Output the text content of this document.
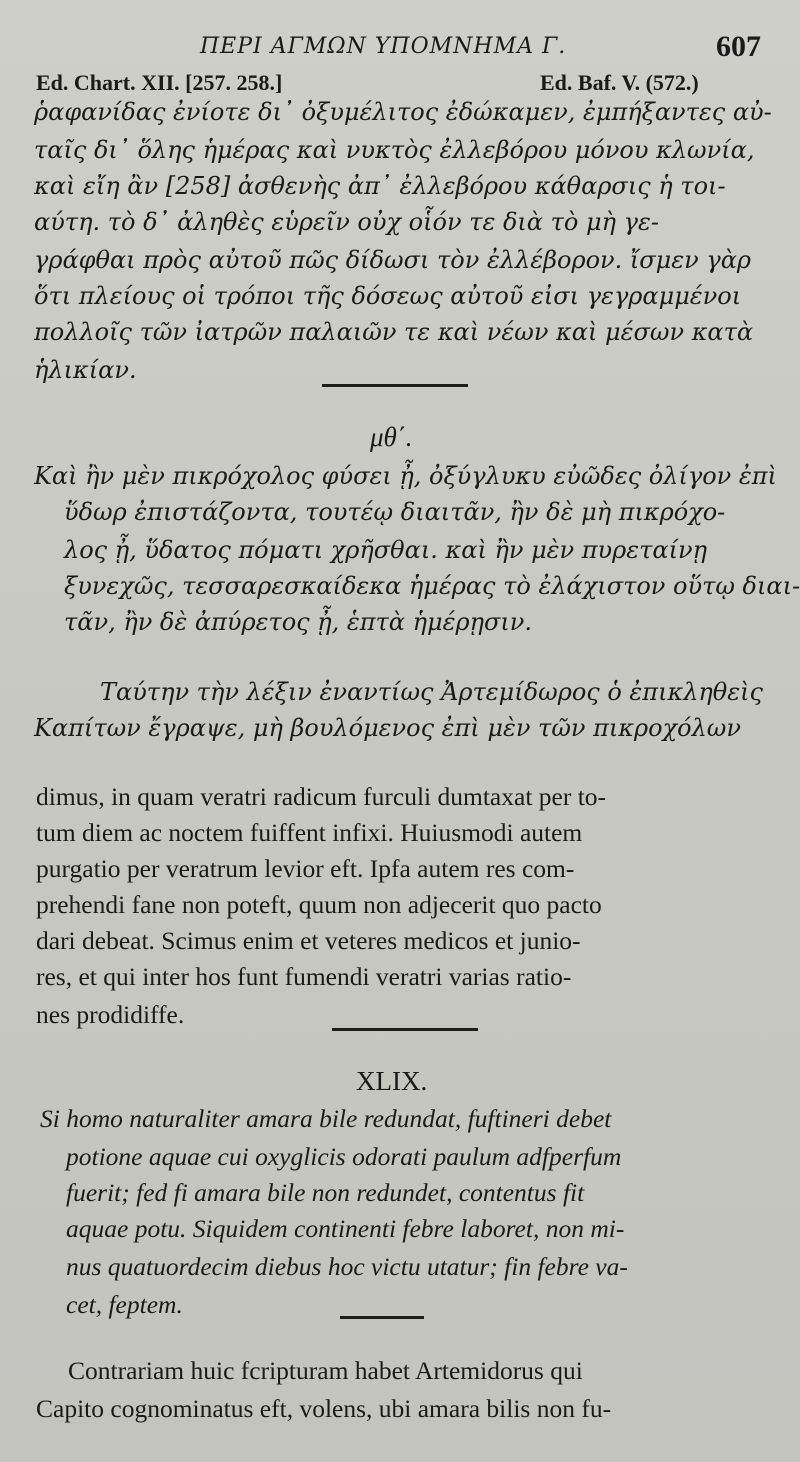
ΠΕΡΙ ΑΓΜΩΝ ΥΠΟΜΝΗΜΑ Γ.	607
Ed. Chart. XII. [257. 258.]	Ed. Baf. V. (572.)
ῥαφανίδας ἐνίοτε δι᾽ ὀξυμέλιτος ἐδώκαμεν, ἐμπήξαντες αὐ-
ταῖς δι᾽ ὅλης ἡμέρας καὶ νυκτὸς ἐλλεβόρου μόνου κλωνία,
καὶ εἴη ἂν [258] ἀσθενὴς ἀπ᾽ ἐλλεβόρου κάθαρσις ἡ τοι-
αύτη. τὸ δ᾽ ἀληθὲς εὑρεῖν οὐχ οἷόν τε διὰ τὸ μὴ γε-
γράφθαι πρὸς αὐτοῦ πῶς δίδωσι τὸν ἐλλέβορον. ἴσμεν γὰρ
ὅτι πλείους οἱ τρόποι τῆς δόσεως αὐτοῦ εἰσι γεγραμμένοι
πολλοῖς τῶν ἰατρῶν παλαιῶν τε καὶ νέων καὶ μέσων κατὰ
ἡλικίαν.
μθ΄.
Καὶ ἢν μὲν πικρόχολος φύσει ᾖ, ὀξύγλυκυ εὐῶδες ὀλίγον ἐπὶ
ὕδωρ ἐπιστάζοντα, τουτέῳ διαιτᾶν, ἢν δὲ μὴ πικρόχο-
λος ᾖ, ὕδατος πόματι χρῆσθαι. καὶ ἢν μὲν πυρεταίνῃ
ξυνεχῶς, τεσσαρεσκαίδεκα ἡμέρας τὸ ἐλάχιστον οὕτῳ διαι-
τᾶν, ἢν δὲ ἀπύρετος ᾖ, ἑπτὰ ἡμέρῃσιν.
Ταύτην τὴν λέξιν ἐναντίως Ἀρτεμίδωρος ὁ ἐπικληθεὶς
Καπίτων ἔγραψε, μὴ βουλόμενος ἐπὶ μὲν τῶν πικροχόλων
dimus, in quam veratri radicum furculi dumtaxat per to-
tum diem ac noctem fuiffent infixi. Huiusmodi autem
purgatio per veratrum levior eft. Ipfa autem res com-
prehendi fane non poteft, quum non adjecerit quo pacto
dari debeat. Scimus enim et veteres medicos et junio-
res, et qui inter hos funt fumendi veratri varias ratio-
nes prodidiffe.
XLIX.
Si homo naturaliter amara bile redundat, fuftineri debet
potione aquae cui oxyglicis odorati paulum adfperfum
fuerit; fed fi amara bile non redundet, contentus fit
aquae potu. Siquidem continenti febre laboret, non mi-
nus quatuordecim diebus hoc victu utatur; fin febre va-
cet, feptem.
Contrariam huic fcripturam habet Artemidorus qui
Capito cognominatus eft, volens, ubi amara bilis non fu-
